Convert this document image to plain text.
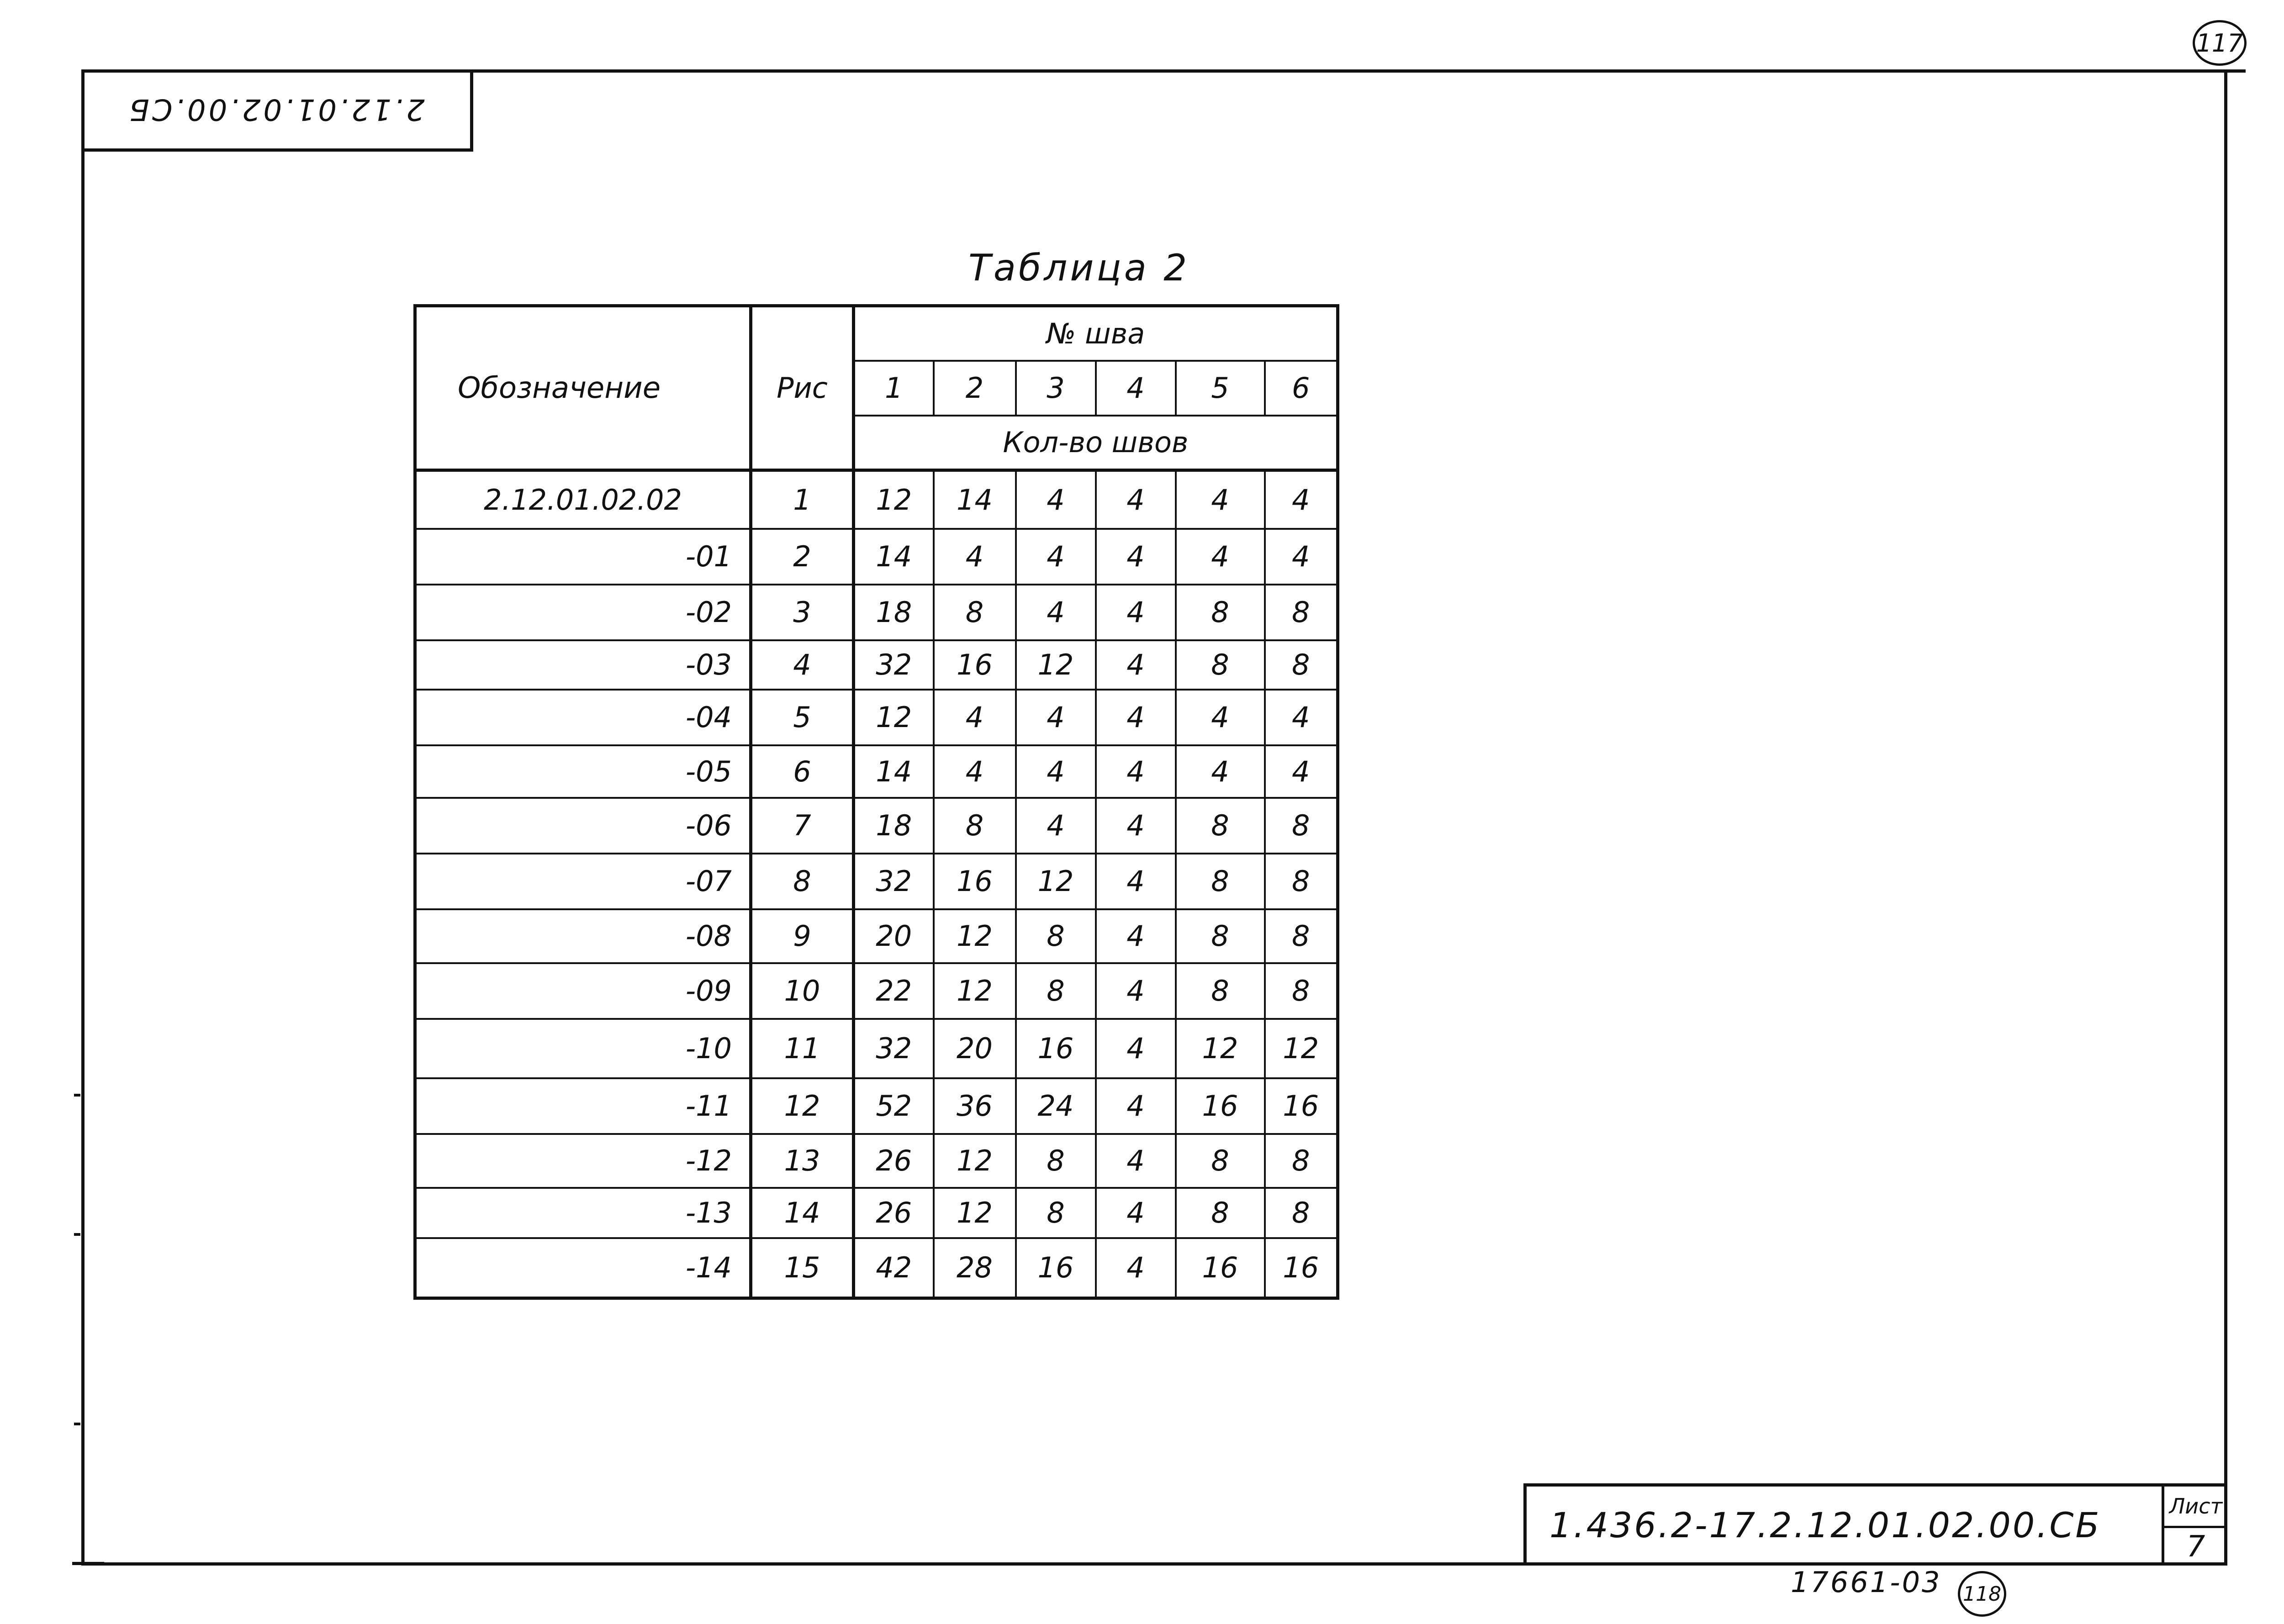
2.12.01.02.00.СБ
117
Таблица 2
Обозначение	Рис	№ шва					
		1	2	3	4	5	6
		Кол-во швов					
2.12.01.02.02	1	12	14	4	4	4	4
-01	2	14	4	4	4	4	4
-02	3	18	8	4	4	8	8
-03	4	32	16	12	4	8	8
-04	5	12	4	4	4	4	4
-05	6	14	4	4	4	4	4
-06	7	18	8	4	4	8	8
-07	8	32	16	12	4	8	8
-08	9	20	12	8	4	8	8
-09	10	22	12	8	4	8	8
-10	11	32	20	16	4	12	12
-11	12	52	36	24	4	16	16
-12	13	26	12	8	4	8	8
-13	14	26	12	8	4	8	8
-14	15	42	28	16	4	16	16
1.436.2-17.2.12.01.02.00.СБ	Лист
7
17661-03 118
